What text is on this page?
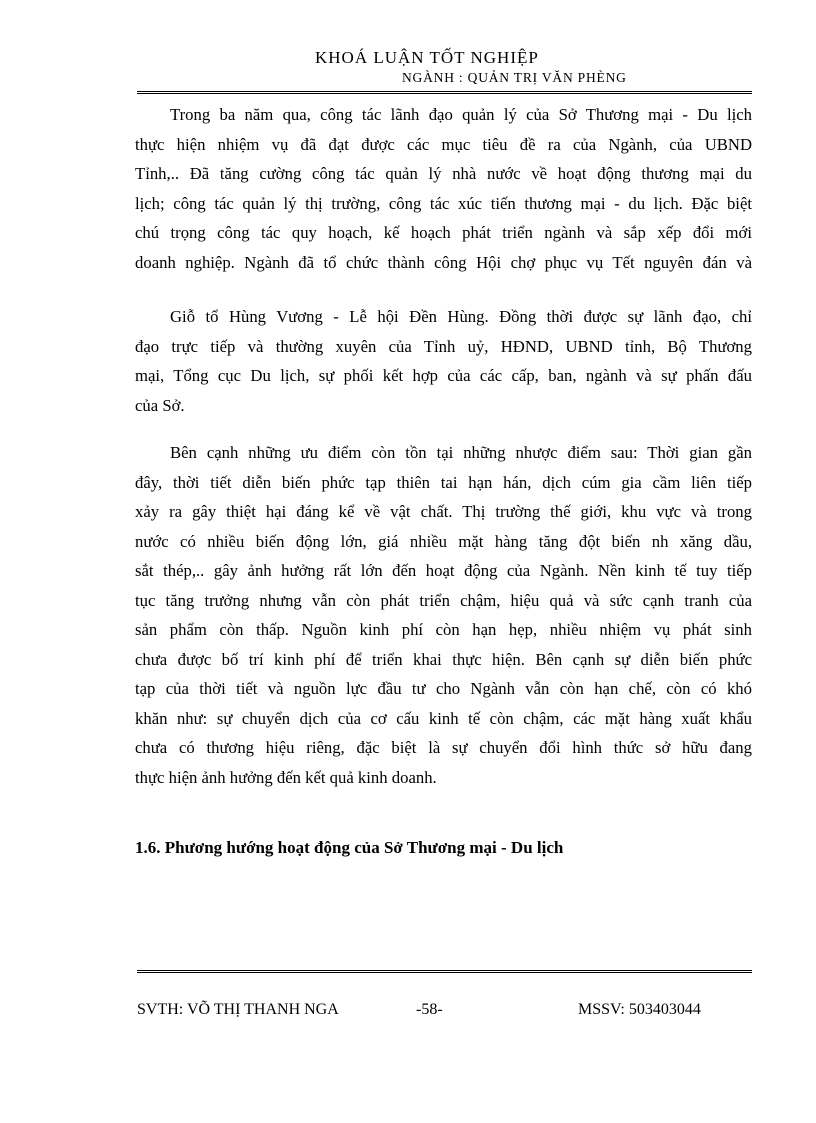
KHOÁ LUẬN TỐT NGHIỆP
NGÀNH : QUẢN TRỊ VĂN PHÈNG
Trong ba năm qua, công tác lãnh đạo quản lý của Sở Thương mại - Du lịch
thực hiện nhiệm vụ đã đạt được các mục tiêu đề ra của Ngành, của UBND
Tỉnh,.. Đã tăng cường công tác quản lý nhà nước về hoạt động thương mại du
lịch; công tác quản lý thị trường, công tác xúc tiến thương mại - du lịch. Đặc biệt
chú trọng công tác quy hoạch, kế hoạch phát triển ngành và sắp xếp đổi mới
doanh nghiệp. Ngành đã tổ chức thành công Hội chợ phục vụ Tết nguyên đán và
Giỗ tổ Hùng Vương - Lễ hội Đền Hùng. Đồng thời được sự lãnh đạo, chỉ
đạo trực tiếp và thường xuyên của Tỉnh uỷ, HĐND, UBND tỉnh, Bộ Thương
mại, Tổng cục Du lịch, sự phối kết hợp của các cấp, ban, ngành và sự phấn đấu
của Sở.
Bên cạnh những ưu điểm còn tồn tại những nhược điểm sau: Thời gian gần
đây, thời tiết diễn biến phức tạp thiên tai hạn hán, dịch cúm gia cầm liên tiếp
xảy ra gây thiệt hại đáng kể về vật chất. Thị trường thế giới, khu vực và trong
nước có nhiều biến động lớn, giá nhiều mặt hàng tăng đột biến nh xăng dầu,
sắt thép,.. gây ảnh hưởng rất lớn đến hoạt động của Ngành. Nền kinh tế tuy tiếp
tục tăng trưởng nhưng vẫn còn phát triển chậm, hiệu quả và sức cạnh tranh của
sản phẩm còn thấp. Nguồn kinh phí còn hạn hẹp, nhiều nhiệm vụ phát sinh
chưa được bố trí kinh phí để triển khai thực hiện. Bên cạnh sự diễn biến phức
tạp của thời tiết và nguồn lực đầu tư cho Ngành vẫn còn hạn chế, còn có khó
khăn như: sự chuyển dịch của cơ cấu kinh tế còn chậm, các mặt hàng xuất khẩu
chưa có thương hiệu riêng, đặc biệt là sự chuyển đổi hình thức sở hữu đang
thực hiện ảnh hưởng đến kết quả kinh doanh.
1.6. Phương hướng hoạt động của Sở Thương mại - Du lịch
SVTH: VÕ THỊ THANH NGA	-58-	MSSV: 503403044
